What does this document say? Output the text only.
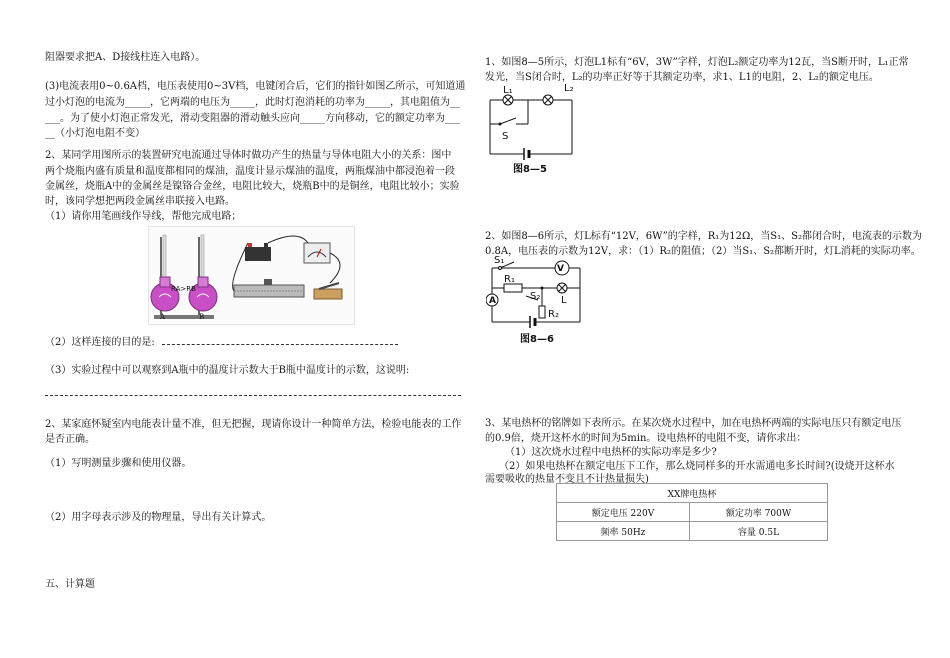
阻器要求把A、D接线柱连入电路）。
(3)电流表用0~0.6A档，电压表使用0~3V档，电键闭合后，它们的指针如图乙所示，可知道通
过小灯泡的电流为_____，它两端的电压为_____，此时灯泡消耗的功率为_____，其电阻值为__
___。为了使小灯泡正常发光，滑动变阻器的滑动触头应向_____方向移动，它的额定功率为___
__（小灯泡电阻不变）
2、某同学用图所示的装置研究电流通过导体时做功产生的热量与导体电阻大小的关系：图中
两个烧瓶内盛有质量和温度都相同的煤油，温度计显示煤油的温度，两瓶煤油中都浸泡着一段
金属丝，烧瓶A中的金属丝是镍铬合金丝，电阻比较大，烧瓶B中的是铜丝，电阻比较小；实验
时，该同学想把两段金属丝串联接入电路。
（1）请你用笔画线作导线，帮他完成电路；
RA>RB
A	B
（2）这样连接的目的是:
（3）实验过程中可以观察到A瓶中的温度计示数大于B瓶中温度计的示数，这说明:
2、某家庭怀疑室内电能表计量不准，但无把握，现请你设计一种简单方法，检验电能表的工作
是否正确。
（1）写明测量步骤和使用仪器。
（2）用字母表示涉及的物理量，导出有关计算式。
五、计算题
1、如图8—5所示，灯泡L1标有“6V，3W”字样，灯泡L₂额定功率为12瓦，当S断开时，L₁正常
发光，当S闭合时，L₂的功率正好等于其额定功率，求1、L1的电阻，2、L₂的额定电压。
L₁	L₂
S
图8—5
2、如图8—6所示，灯L标有“12V，6W”的字样，R₁为12Ω，当S₁、S₂都闭合时，电流表的示数为
0.8A，电压表的示数为12V，求：（1）R₂的阻值；（2）当S₁、S₂都断开时，灯L消耗的实际功率。
S₁
V
R₁
A	S₂ L
R₂
图8—6
3、某电热杯的铭牌如下表所示。在某次烧水过程中，加在电热杯两端的实际电压只有额定电压
的0.9倍，烧开这杯水的时间为5min。设电热杯的电阻不变，请你求出：
（1）这次烧水过程中电热杯的实际功率是多少?
（2）如果电热杯在额定电压下工作，那么烧同样多的开水需通电多长时间?(设烧开这杯水
需要吸收的热量不变且不计热量损失)
XX牌电热杯	
额定电压 220V	额定功率 700W
频率 50Hz	容量 0.5L
